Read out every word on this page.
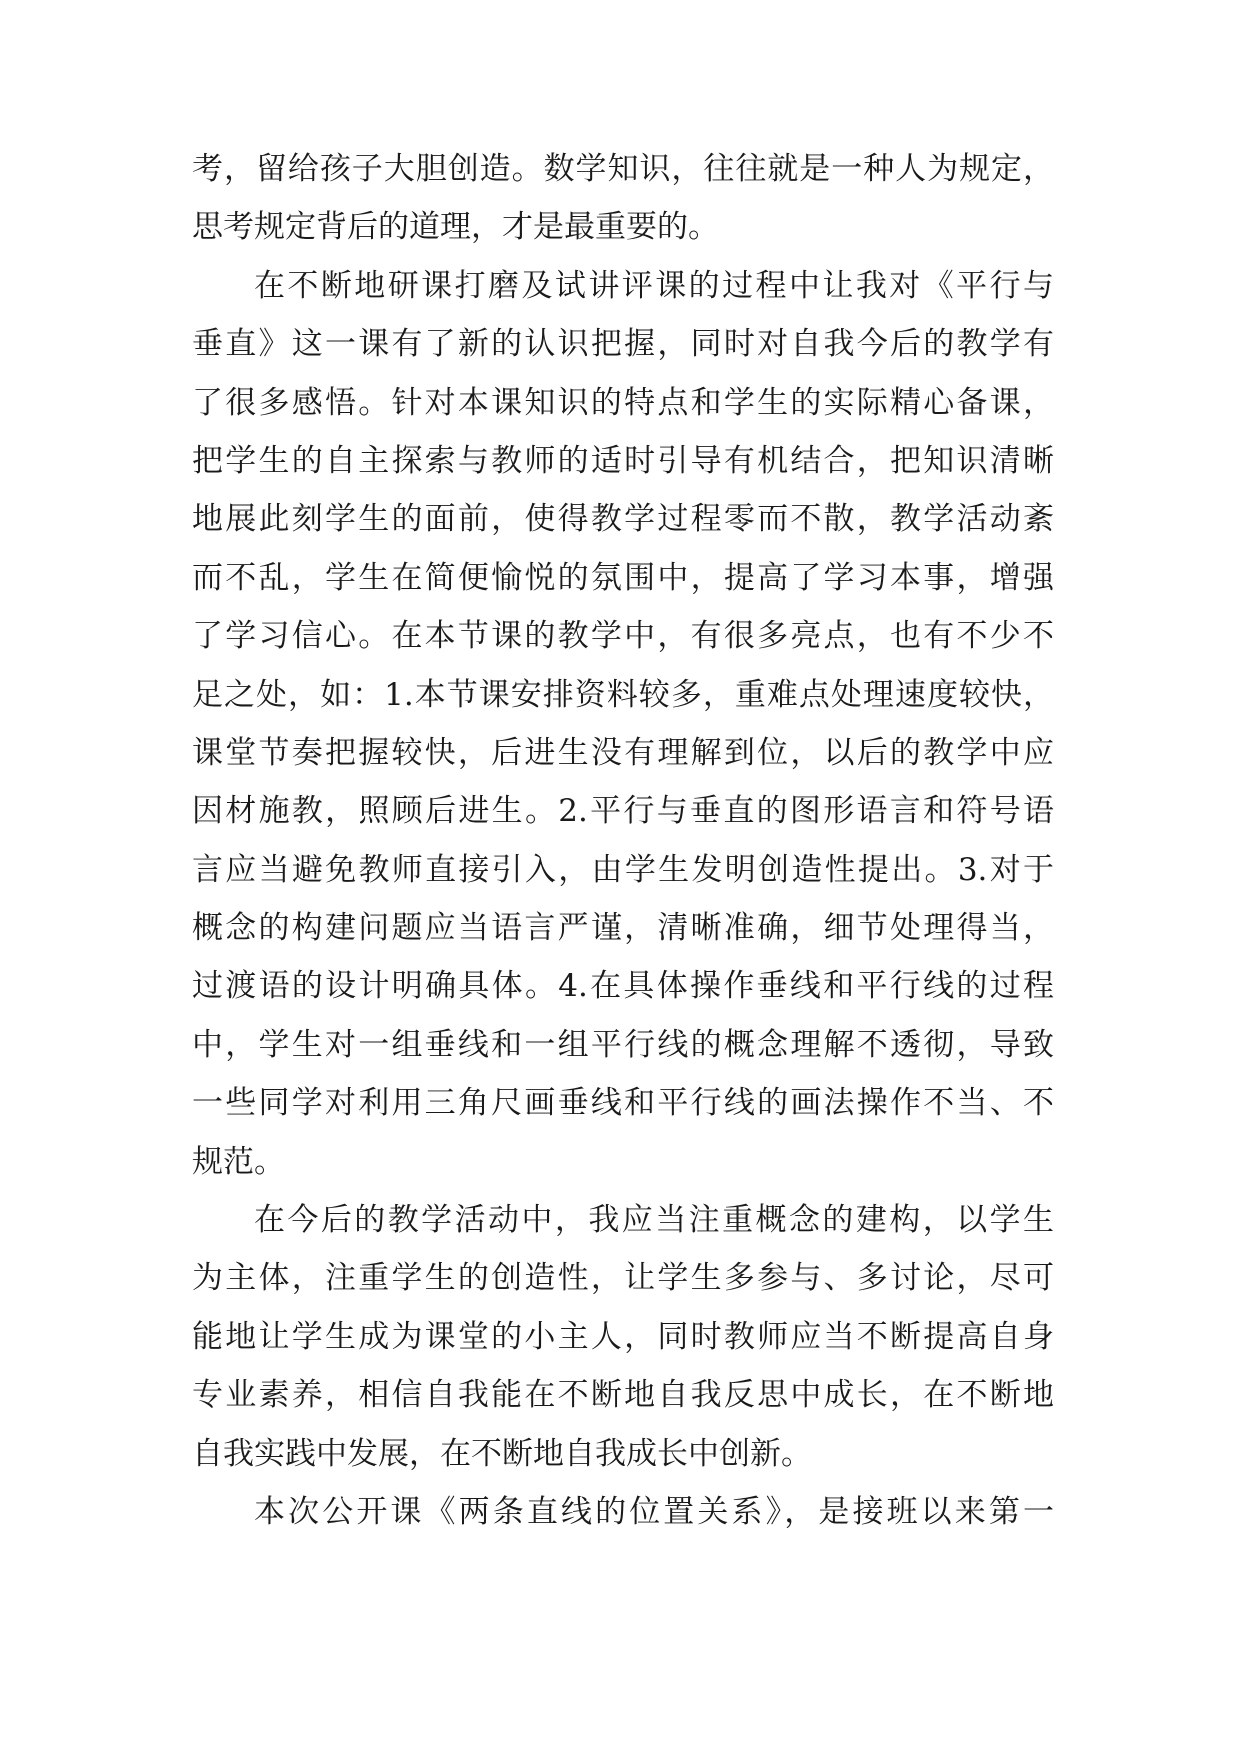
考，留给孩子大胆创造。数学知识，往往就是一种人为规定，
思考规定背后的道理，才是最重要的。
在不断地研课打磨及试讲评课的过程中让我对《平行与
垂直》这一课有了新的认识把握，同时对自我今后的教学有
了很多感悟。针对本课知识的特点和学生的实际精心备课，
把学生的自主探索与教师的适时引导有机结合，把知识清晰
地展此刻学生的面前，使得教学过程零而不散，教学活动紊
而不乱，学生在简便愉悦的氛围中，提高了学习本事，增强
了学习信心。在本节课的教学中，有很多亮点，也有不少不
足之处，如：1.本节课安排资料较多，重难点处理速度较快，
课堂节奏把握较快，后进生没有理解到位，以后的教学中应
因材施教，照顾后进生。2.平行与垂直的图形语言和符号语
言应当避免教师直接引入，由学生发明创造性提出。3.对于
概念的构建问题应当语言严谨，清晰准确，细节处理得当，
过渡语的设计明确具体。4.在具体操作垂线和平行线的过程
中，学生对一组垂线和一组平行线的概念理解不透彻，导致
一些同学对利用三角尺画垂线和平行线的画法操作不当、不
规范。
在今后的教学活动中，我应当注重概念的建构，以学生
为主体，注重学生的创造性，让学生多参与、多讨论，尽可
能地让学生成为课堂的小主人，同时教师应当不断提高自身
专业素养，相信自我能在不断地自我反思中成长，在不断地
自我实践中发展，在不断地自我成长中创新。
本次公开课《两条直线的位置关系》，是接班以来第一
